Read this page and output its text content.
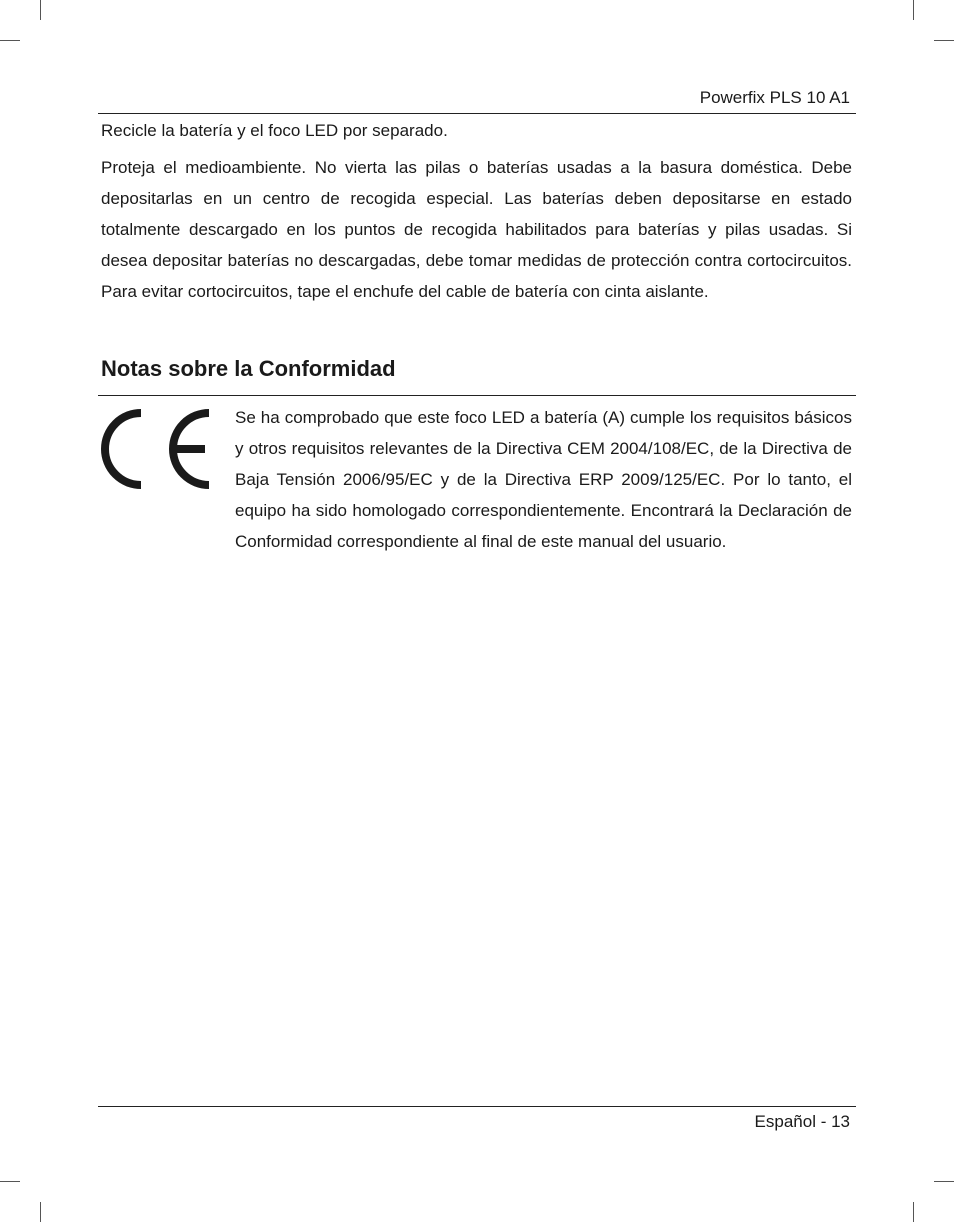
Powerfix PLS 10 A1
Recicle la batería y el foco LED por separado.
Proteja el medioambiente. No vierta las pilas o baterías usadas a la basura doméstica. Debe depositarlas en un centro de recogida especial. Las baterías deben depositarse en estado totalmente descargado en los puntos de recogida habilitados para baterías y pilas usadas. Si desea depositar baterías no descargadas, debe tomar medidas de protección contra cortocircuitos. Para evitar cortocircuitos, tape el enchufe del cable de batería con cinta aislante.
Notas sobre la Conformidad
Se ha comprobado que este foco LED a batería (A) cumple los requisitos básicos y otros requisitos relevantes de la Directiva CEM 2004/108/EC, de la Directiva de Baja Tensión 2006/95/EC y de la Directiva ERP 2009/125/EC. Por lo tanto, el equipo ha sido homologado correspondientemente. Encontrará la Declaración de Conformidad correspondiente al final de este manual del usuario.
Español - 13
